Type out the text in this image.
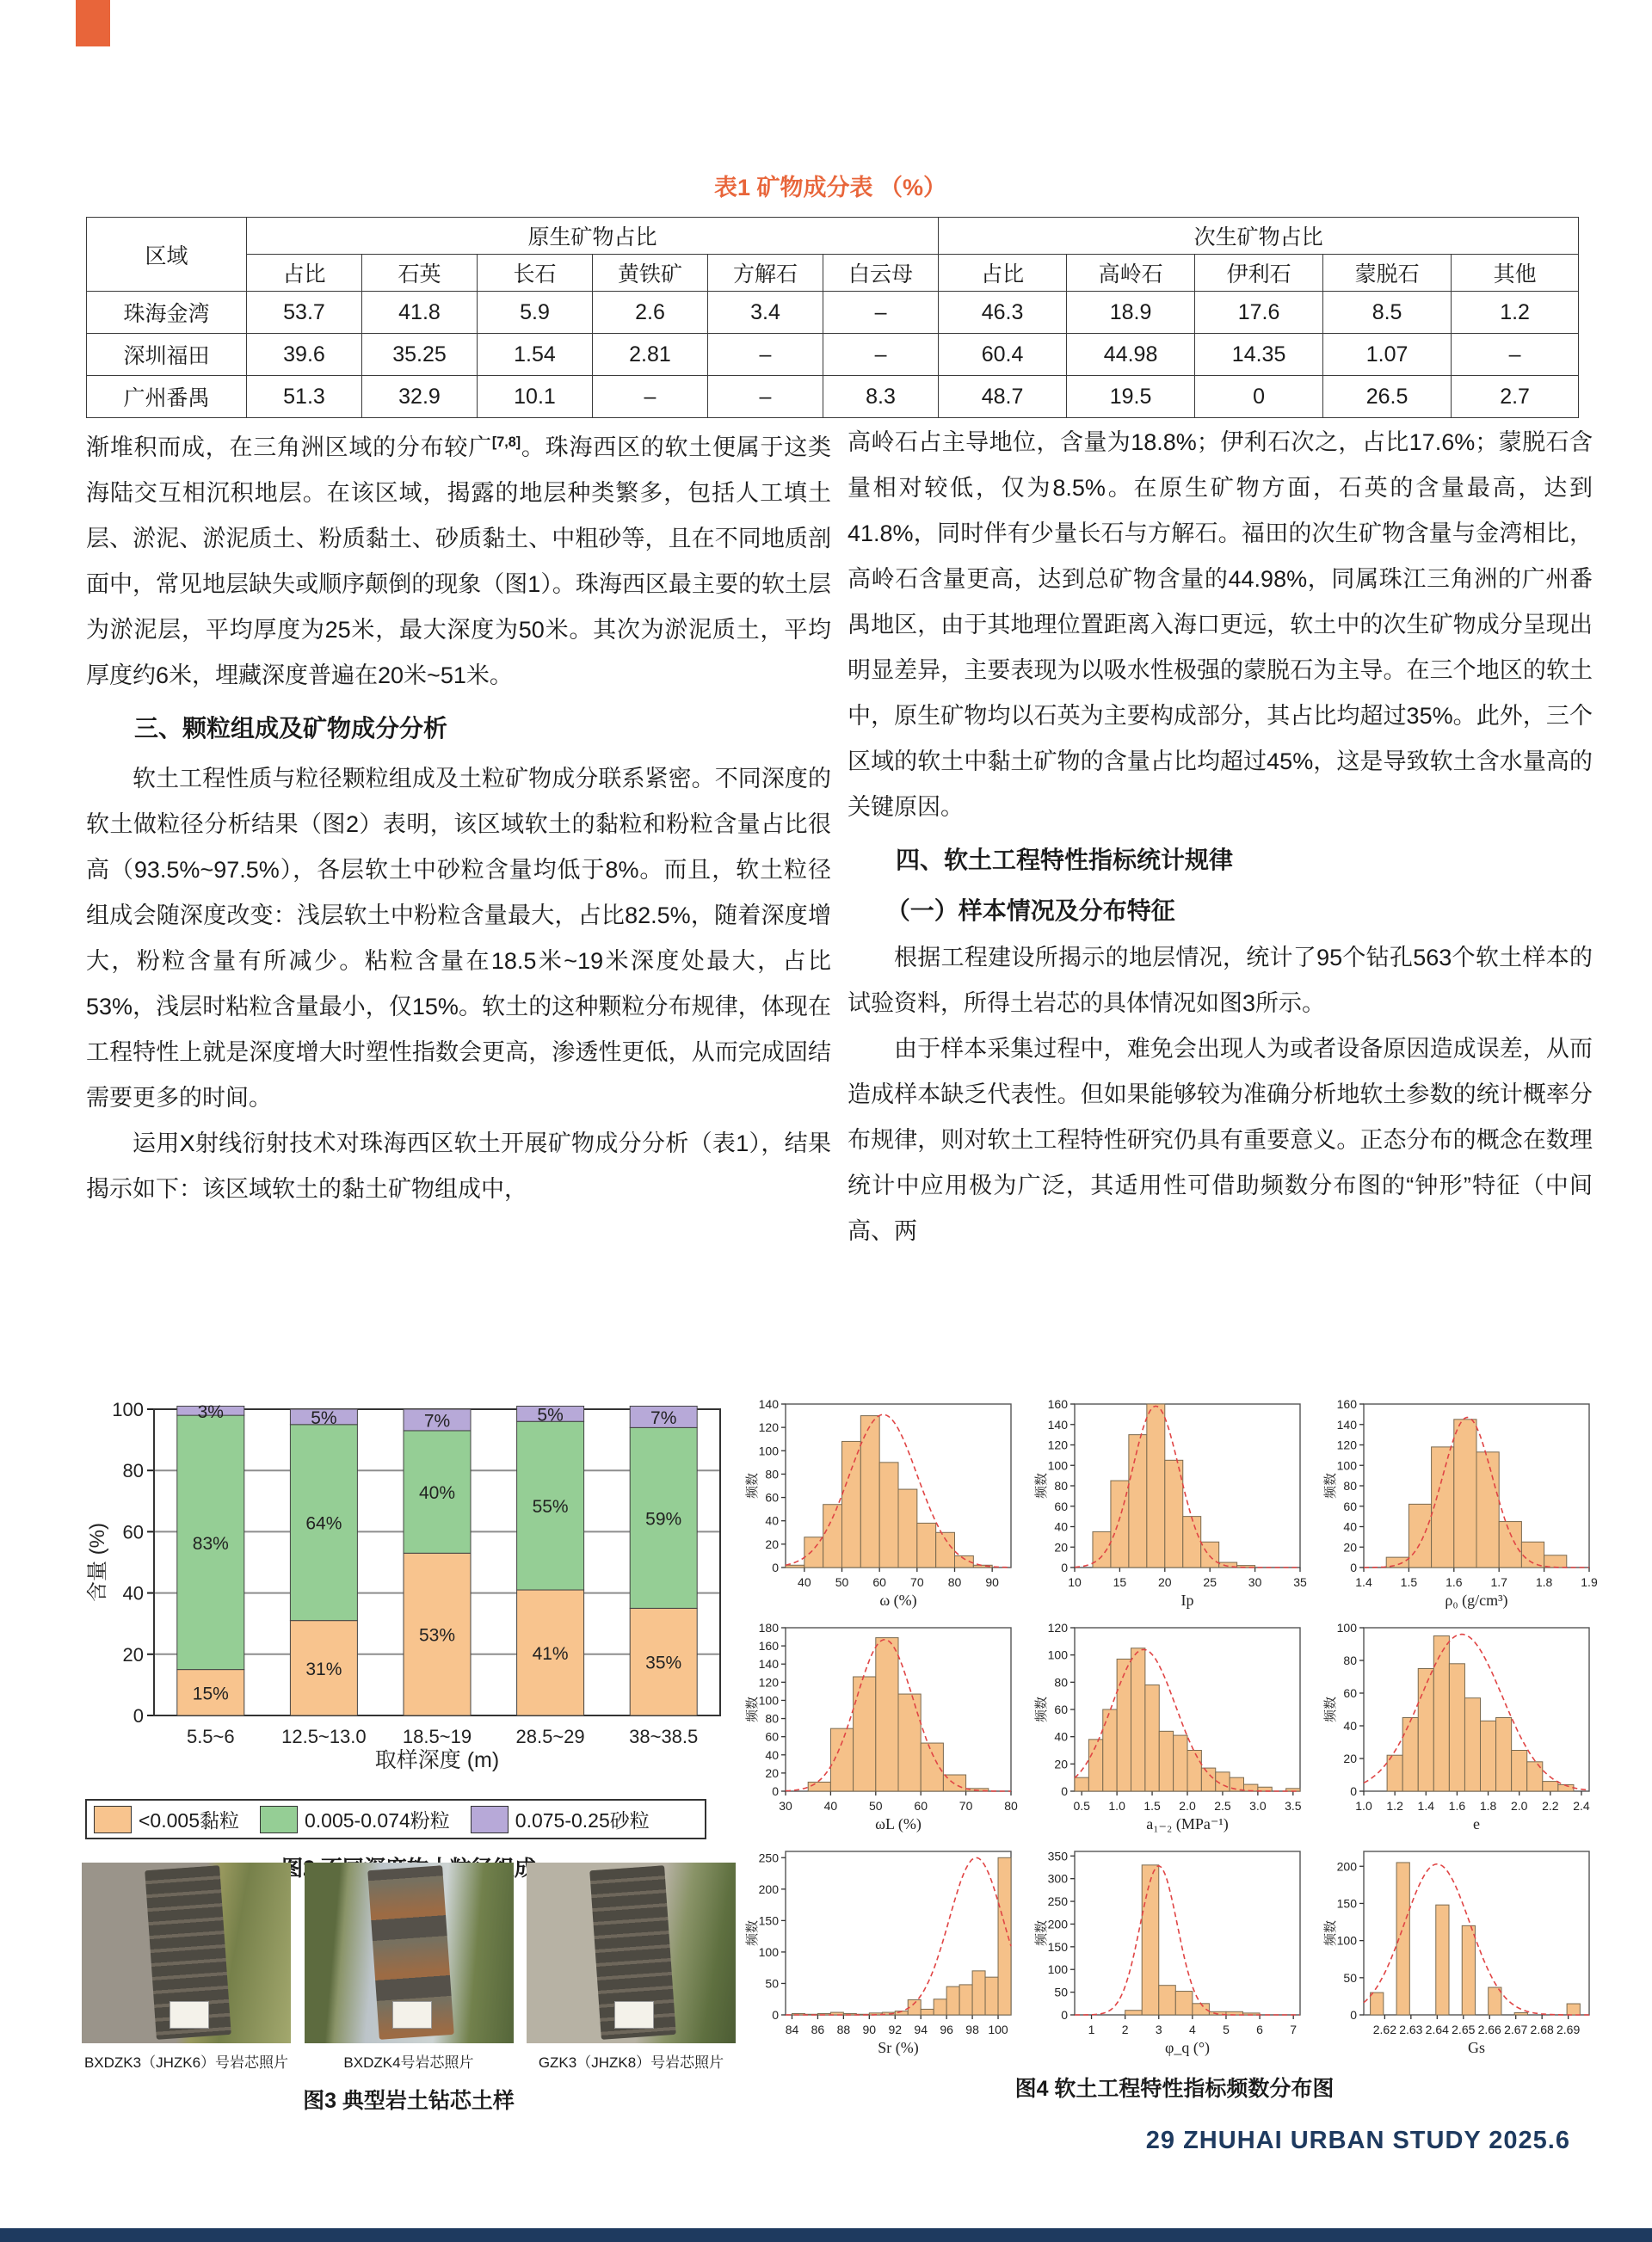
表1 矿物成分表 （%）
区域	原生矿物占比						次生矿物占比				
	占比	石英	长石	黄铁矿	方解石	白云母	占比	高岭石	伊利石	蒙脱石	其他
珠海金湾	53.7	41.8	5.9	2.6	3.4	–	46.3	18.9	17.6	8.5	1.2
深圳福田	39.6	35.25	1.54	2.81	–	–	60.4	44.98	14.35	1.07	–
广州番禺	51.3	32.9	10.1	–	–	8.3	48.7	19.5	0	26.5	2.7

渐堆积而成，在三角洲区域的分布较广[7,8]。珠海西区的软土便属于这类海陆交互相沉积地层。在该区域，揭露的地层种类繁多，包括人工填土层、淤泥、淤泥质土、粉质黏土、砂质黏土、中粗砂等，且在不同地质剖面中，常见地层缺失或顺序颠倒的现象（图1）。珠海西区最主要的软土层为淤泥层，平均厚度为25米，最大深度为50米。其次为淤泥质土，平均厚度约6米，埋藏深度普遍在20米~51米。

三、颗粒组成及矿物成分分析

软土工程性质与粒径颗粒组成及土粒矿物成分联系紧密。不同深度的软土做粒径分析结果（图2）表明，该区域软土的黏粒和粉粒含量占比很高（93.5%~97.5%），各层软土中砂粒含量均低于8%。而且，软土粒径组成会随深度改变：浅层软土中粉粒含量最大，占比82.5%，随着深度增大，粉粒含量有所减少。粘粒含量在18.5米~19米深度处最大，占比53%，浅层时粘粒含量最小，仅15%。软土的这种颗粒分布规律，体现在工程特性上就是深度增大时塑性指数会更高，渗透性更低，从而完成固结需要更多的时间。

运用X射线衍射技术对珠海西区软土开展矿物成分分析（表1），结果揭示如下：该区域软土的黏土矿物组成中，

高岭石占主导地位，含量为18.8%；伊利石次之，占比17.6%；蒙脱石含量相对较低，仅为8.5%。在原生矿物方面，石英的含量最高，达到41.8%，同时伴有少量长石与方解石。福田的次生矿物含量与金湾相比，高岭石含量更高，达到总矿物含量的44.98%，同属珠江三角洲的广州番禺地区，由于其地理位置距离入海口更远，软土中的次生矿物成分呈现出明显差异，主要表现为以吸水性极强的蒙脱石为主导。在三个地区的软土中，原生矿物均以石英为主要构成部分，其占比均超过35%。此外，三个区域的软土中黏土矿物的含量占比均超过45%，这是导致软土含水量高的关键原因。

四、软土工程特性指标统计规律
（一）样本情况及分布特征

根据工程建设所揭示的地层情况，统计了95个钻孔563个软土样本的试验资料，所得土岩芯的具体情况如图3所示。

由于样本采集过程中，难免会出现人为或者设备原因造成误差，从而造成样本缺乏代表性。但如果能够较为准确分析地软土参数的统计概率分布规律，则对软土工程特性研究仍具有重要意义。正态分布的概念在数理统计中应用极为广泛，其适用性可借助频数分布图的“钟形”特征（中间高、两

0
20
40
60
80
100
15%
83%
3%
5.5~6
31%
64%
5%
12.5~13.0
53%
40%
7%
18.5~19
41%
55%
5%
28.5~29
35%
59%
7%
38~38.5
取样深度 (m)
含量 (%)
<0.005黏粒	0.005-0.074粉粒	0.075-0.25砂粒
图2
BXDZK3（JHZK6）号岩芯照片	BXDZK4号岩芯照片	GZK3（JHZK8）号岩芯照片
图3 典型岩土钻芯土样
0
20
40
60
80
100
120
140
40 50 60 70 80 90
ω (%)
频数
0
20
40
60
80
100
120
140
160
10	15	20	25	30	35
Ip
频数
0
20
40
60
80
100
120
140
160
1.4 1.5 1.6 1.7 1.8 1.9
ρ₀ (g/cm³)
频数
0
20
40
60
80
100
120
140
160
180
30	40	50	60	70	80
ωL (%)
频数
0
20
40
60
80
100
120
0.5 1.0 1.5 2.0 2.5 3.0 3.5
a₁₋₂ (MPa⁻¹)
频数
0
20
40
60
80
100
1.0 1.2 1.4 1.6 1.8 2.0 2.2 2.4
e
频数
0
50
100
150
200
250
84 86 88 90 92 94 96 98 100
Sr (%)
频数
0
50
100
150
200
250
300
350
1 2 3 4 5 6 7
φ_q (°)
频数
0
50
100
150
200
2.62 2.63 2.64 2.65 2.66 2.67 2.68 2.69
Gs
频数
图4 软土工程特性指标频数分布图
29 ZHUHAI URBAN STUDY 2025.6
